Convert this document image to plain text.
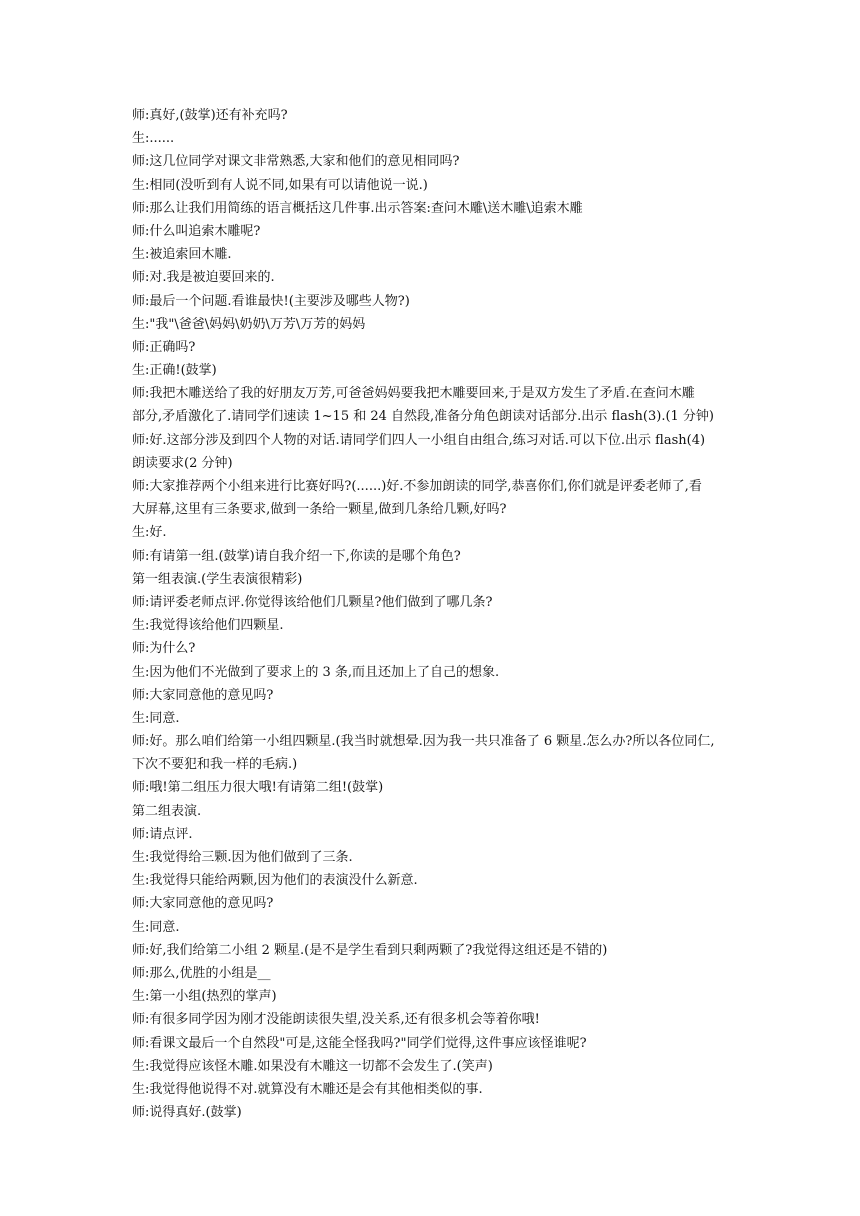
师:真好,(鼓掌)还有补充吗?
生:......
师:这几位同学对课文非常熟悉,大家和他们的意见相同吗?
生:相同(没听到有人说不同,如果有可以请他说一说.)
师:那么让我们用简练的语言概括这几件事.出示答案:查问木雕\送木雕\追索木雕
师:什么叫追索木雕呢?
生:被追索回木雕.
师:对.我是被迫要回来的.
师:最后一个问题.看谁最快!(主要涉及哪些人物?)
生:"我"\爸爸\妈妈\奶奶\万芳\万芳的妈妈
师:正确吗?
生:正确!(鼓掌)
师:我把木雕送给了我的好朋友万芳,可爸爸妈妈要我把木雕要回来,于是双方发生了矛盾.在查问木雕
部分,矛盾激化了.请同学们速读 1~15 和 24 自然段,准备分角色朗读对话部分.出示 flash(3).(1 分钟)
师:好.这部分涉及到四个人物的对话.请同学们四人一小组自由组合,练习对话.可以下位.出示 flash(4)
朗读要求(2 分钟)
师:大家推荐两个小组来进行比赛好吗?(......)好.不参加朗读的同学,恭喜你们,你们就是评委老师了,看
大屏幕,这里有三条要求,做到一条给一颗星,做到几条给几颗,好吗?
生:好.
师:有请第一组.(鼓掌)请自我介绍一下,你读的是哪个角色?
第一组表演.(学生表演很精彩)
师:请评委老师点评.你觉得该给他们几颗星?他们做到了哪几条?
生:我觉得该给他们四颗星.
师:为什么?
生:因为他们不光做到了要求上的 3 条,而且还加上了自己的想象.
师:大家同意他的意见吗?
生:同意.
师:好。那么咱们给第一小组四颗星.(我当时就想晕.因为我一共只准备了 6 颗星.怎么办?所以各位同仁,
下次不要犯和我一样的毛病.)
师:哦!第二组压力很大哦!有请第二组!(鼓掌)
第二组表演.
师:请点评.
生:我觉得给三颗.因为他们做到了三条.
生:我觉得只能给两颗,因为他们的表演没什么新意.
师:大家同意他的意见吗?
生:同意.
师:好,我们给第二小组 2 颗星.(是不是学生看到只剩两颗了?我觉得这组还是不错的)
师:那么,优胜的小组是__
生:第一小组(热烈的掌声)
师:有很多同学因为刚才没能朗读很失望,没关系,还有很多机会等着你哦!
师:看课文最后一个自然段"可是,这能全怪我吗?"同学们觉得,这件事应该怪谁呢?
生:我觉得应该怪木雕.如果没有木雕这一切都不会发生了.(笑声)
生:我觉得他说得不对.就算没有木雕还是会有其他相类似的事.
师:说得真好.(鼓掌)
